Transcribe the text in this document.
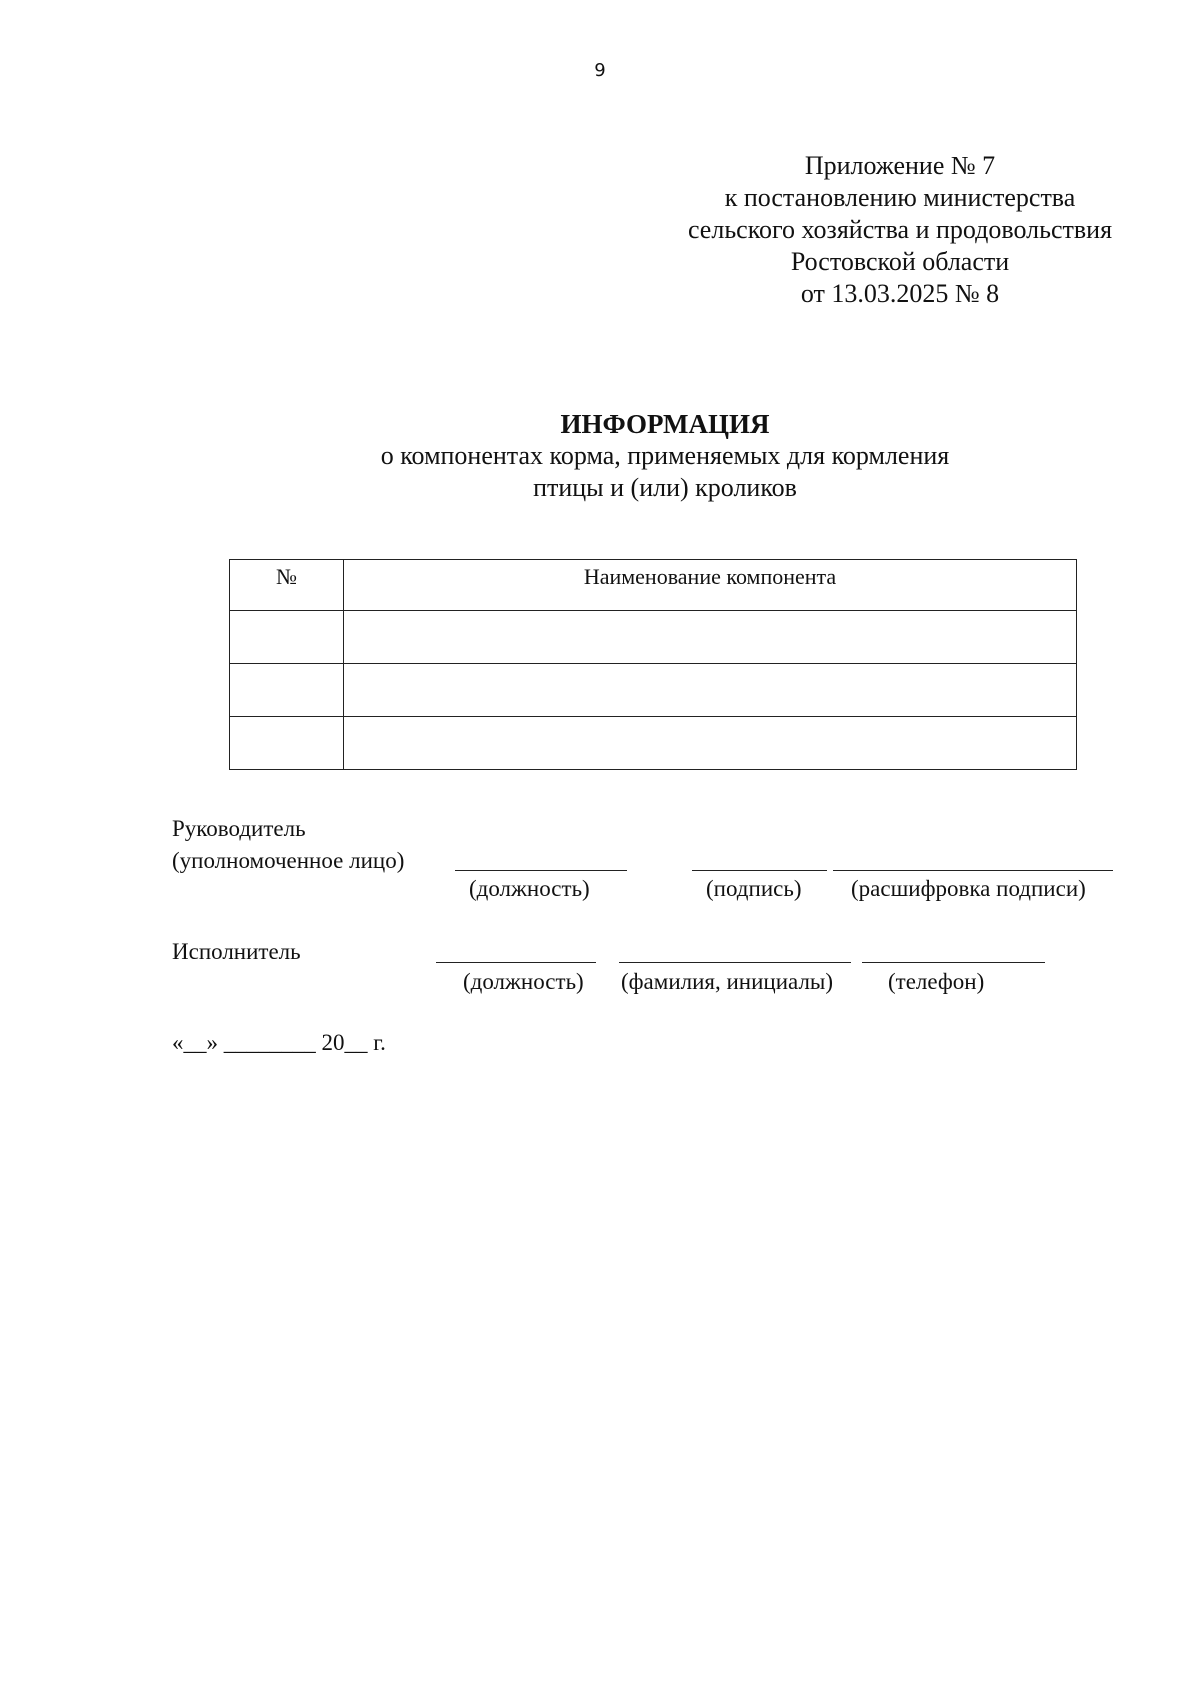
9
Приложение № 7
к постановлению министерства
сельского хозяйства и продовольствия
Ростовской области
от 13.03.2025 № 8
ИНФОРМАЦИЯ
о компонентах корма, применяемых для кормления
птицы и (или) кроликов
№	Наименование компонента

Руководитель
(уполномоченное лицо)
(должность)	(подпись) (расшифровка подписи)
Исполнитель
(должность) (фамилия, инициалы) (телефон)
«__» ________ 20__ г.
